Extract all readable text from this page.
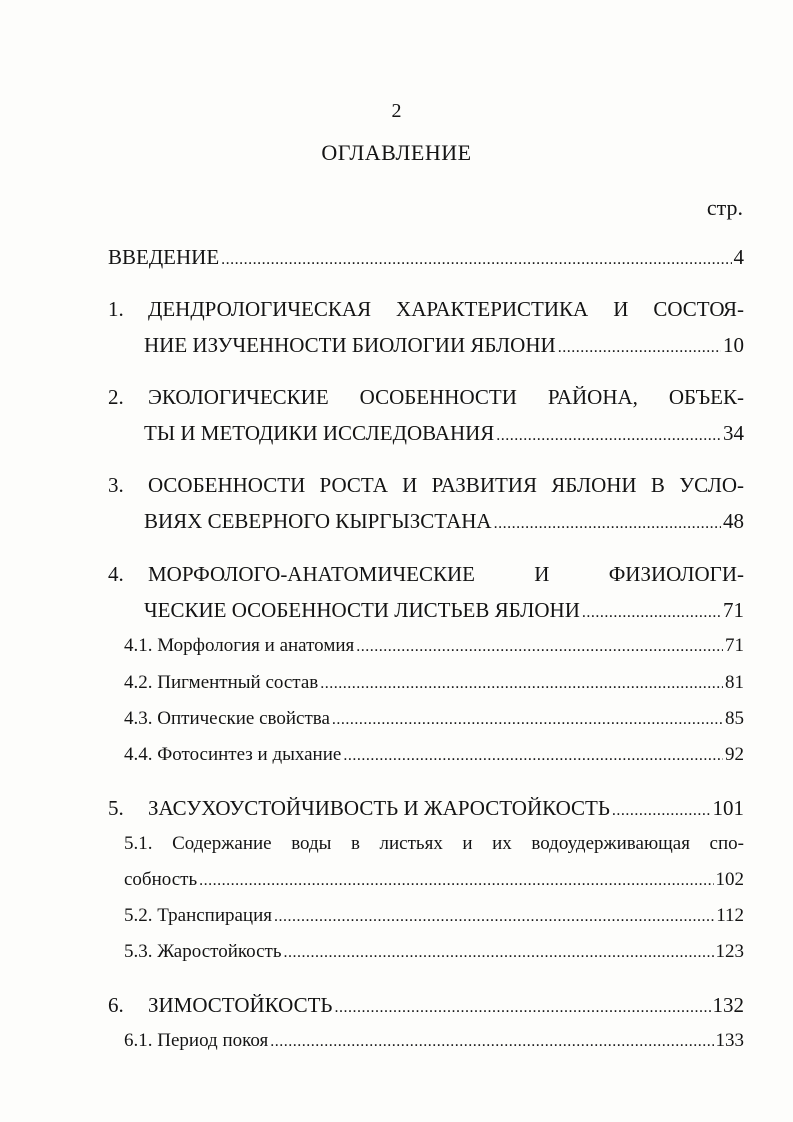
2
ОГЛАВЛЕНИЕ
стр.
ВВЕДЕНИЕ .....	4
1.	ДЕНДРОЛОГИЧЕСКАЯ ХАРАКТЕРИСТИКА И СОСТОЯ-
НИЕ ИЗУЧЕННОСТИ БИОЛОГИИ ЯБЛОНИ .....	10
2.	ЭКОЛОГИЧЕСКИЕ ОСОБЕННОСТИ РАЙОНА, ОБЪЕК-
ТЫ И МЕТОДИКИ ИССЛЕДОВАНИЯ .....	34
3.	ОСОБЕННОСТИ РОСТА И РАЗВИТИЯ ЯБЛОНИ В УСЛО-
ВИЯХ СЕВЕРНОГО КЫРГЫЗСТАНА .....	48
4.	МОРФОЛОГО-АНАТОМИЧЕСКИЕ	И	ФИЗИОЛОГИ-
ЧЕСКИЕ ОСОБЕННОСТИ ЛИСТЬЕВ ЯБЛОНИ .....	71
4.1. Морфология и анатомия .....	71
4.2. Пигментный состав .....	81
4.3. Оптические свойства .....	85
4.4. Фотосинтез и дыхание .....	92
5.	ЗАСУХОУСТОЙЧИВОСТЬ И ЖАРОСТОЙКОСТЬ .....	101
5.1. Содержание воды в листьях и их водоудерживающая спо-
собность .....	102
5.2. Транспирация .....	112
5.3. Жаростойкость .....	123
6.	ЗИМОСТОЙКОСТЬ .....	132
6.1. Период покоя .....	133
